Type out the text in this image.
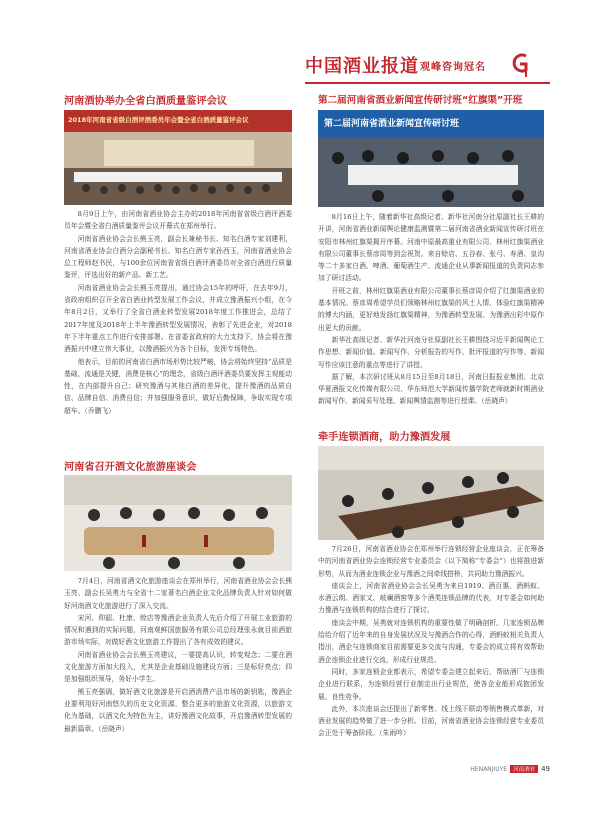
中国酒业报道 观峰咨询冠名
河南酒协举办全省白酒质量鉴评会议
2018年河南省省级白酒评酒委员年会暨全省白酒质量鉴评会议

8月9日上午，由河南省酒业协会主办的2018年河南省省级白酒评酒委员年会暨全省白酒质量鉴评会议开幕式在郑州举行。

河南省酒业协会会长熊玉亮，副会长兼秘书长、知名白酒专家刘建利，河南省酒业协会白酒分会副秘书长、知名白酒专家孙西玉，河南省酒业协会总工程师赵书民，与100余位河南省省级白酒评酒委员对全省白酒进行质量鉴评，评选出好的新产品、新工艺。

河南省酒业协会会长熊玉亮提出，通过协会15年的呼吁，在去年9月，省政府组织召开全省白酒业转型发展工作会议，并成立豫酒振兴小组，在今年8月2日，又举行了全省白酒业转型发展2018年度工作推进会，总结了2017年度及2018年上半年豫酒转型发展情况，表彰了先进企业，对2018年下半年重点工作进行安排部署。在省委省政府的大力支持下，协会将在豫酒振兴中建立伟大事业，以豫酒振兴为各个目标，发挥专场特色。

他表示，目前的河南省白酒市场形势比较严峻，协会将始终坚持“品质是基础，流通是关键，消费是核心”的理念，省级白酒评酒委员要发挥主观能动性，在内部提升自己；研究豫酒与其他白酒的差异化，提升豫酒的品质自信、品牌自信、消费自信；并加强服务意识，做好后勤保障，争取实现专项超车。（乔鹏飞）

河南省召开酒文化旅游座谈会

7月4日，河南省酒文化旅游座谈会在郑州举行，河南省酒业协会会长熊玉亮、副会长吴勇力与全省十二家著名白酒企业文化品牌负责人针对如何做好河南酒文化旅游进行了深入交流。

宋河、仰韶、杜康、赊店等豫酒企业负责人先后介绍了开展工业旅游的情况和遇到的实际问题，河南观鲜国旅服务有限公司总经理张永就目前酒旅游市场实际，对做好酒文化旅游工作提出了各有成效的建议。

河南省酒业协会会长熊玉亮建议，一要提高认识，转变观念；二要在酒文化旅游方面加大投入，尤其是企业基础设施建设方面；三是标好亮点；四是加强组织领导，务好小学生。

熊玉亮强调，做好酒文化旅游是开启酒消费产品市场的新钥匙，豫酒企业要利用好河南悠久的历史文化资源、整合更多的旅游文化资源，以旅游文化为基础，以酒文化为特色为主，讲好豫酒文化故事，开启豫酒转型发展的最新篇章。（岳晓声）

第二届河南省酒业新闻宣传研讨班“红旗渠”开班
第二届河南省酒业新闻宣传研讨班

8月16日上午，随着新华社高级记者、新华社河南分社原副社长王耕的开讲，河南省酒业新闻舆论健康监测暨第二届河南省酒业新闻宣传研讨班在安阳市林州红旗渠揭开序幕。河南中原最高重业有限公司、林州红旗渠酒业有限公司董事长蔡彦周等到会祝贺。来自赊店、五谷春、张弓、寿酒、皇沟等二十多家白酒、啤酒、葡萄酒生产、流通企业从事新闻报道的负责同志参加了研讨活动。

开班之前，林州红旗渠酒业有限公司董事长蔡彦周介绍了红旗渠酒业的基本情况。蔡彦周希望学员们领略林州红旗渠的风土人情、体验红旗渠精神的博大内涵，更好地发扬红旗渠精神，为豫酒转型发展、为豫酒出彩中原作出更大的贡献。

新华社高级记者、新华社河南分社原副社长王耕围绕习近平新闻舆论工作思想、新闻价值、新闻写作、分析报告的写作、批评报道的写作等、新闻写作应该注意的重点等进行了讲授。

据了解，本次研讨班从8月15日至8月18日，河南日报报业集团、北京华夏酒报文化传媒有限公司、华东师范大学新闻传播学院老师就新时期酒业新闻写作、新闻采写处理、新闻舆情监测等进行授课。（岳晓声）

牵手连锁酒商，助力豫酒发展

7月26日，河南省酒业协会在郑州举行连锁经营企业座谈会，正在筹备中的河南省酒业协会连锁经营专业委员会（以下简称“专委会”）也将推进新形势，从而为酒业连锁企业与豫酒之间牵线搭桥，共同助力豫酒振兴。

座谈会上，河南省酒业协会会长吴勇为来自1919、酒百惠、酒蚂蚁、水酒云朗、酒家又、岐斓酒窖等多个酒类连锁品牌的代表，对专委会如何助力豫酒与连锁机构的结合进行了探讨。

座谈会中期，吴勇就对连锁机构的重要性做了明确剖析。几家连锁品牌给给介绍了近年来的自身发展状况及与豫酒合作的心得，酒蚂蚁相关负责人指出，酒企与连锁商家目前需要更多交流与沟通，专委会的成立将有效帮助酒企连锁企业进行交流，形成行业规范。

同时，多家连锁企业都表示，希望专委会建立起来后，帮助酒厂与连锁企业进行联系，为连锁经营行业制定出行业规范，使各企业能形成抱团发展、良性竞争。

此外，本次座谈会还提出了新零售、线上线下联动等销售模式革新，对酒业发展的趋势做了进一步分析。目前，河南省酒业协会连锁经营专业委员会正处于筹备阶段。（朱雨吟）

HENANJIUYE 河南酒业 49
